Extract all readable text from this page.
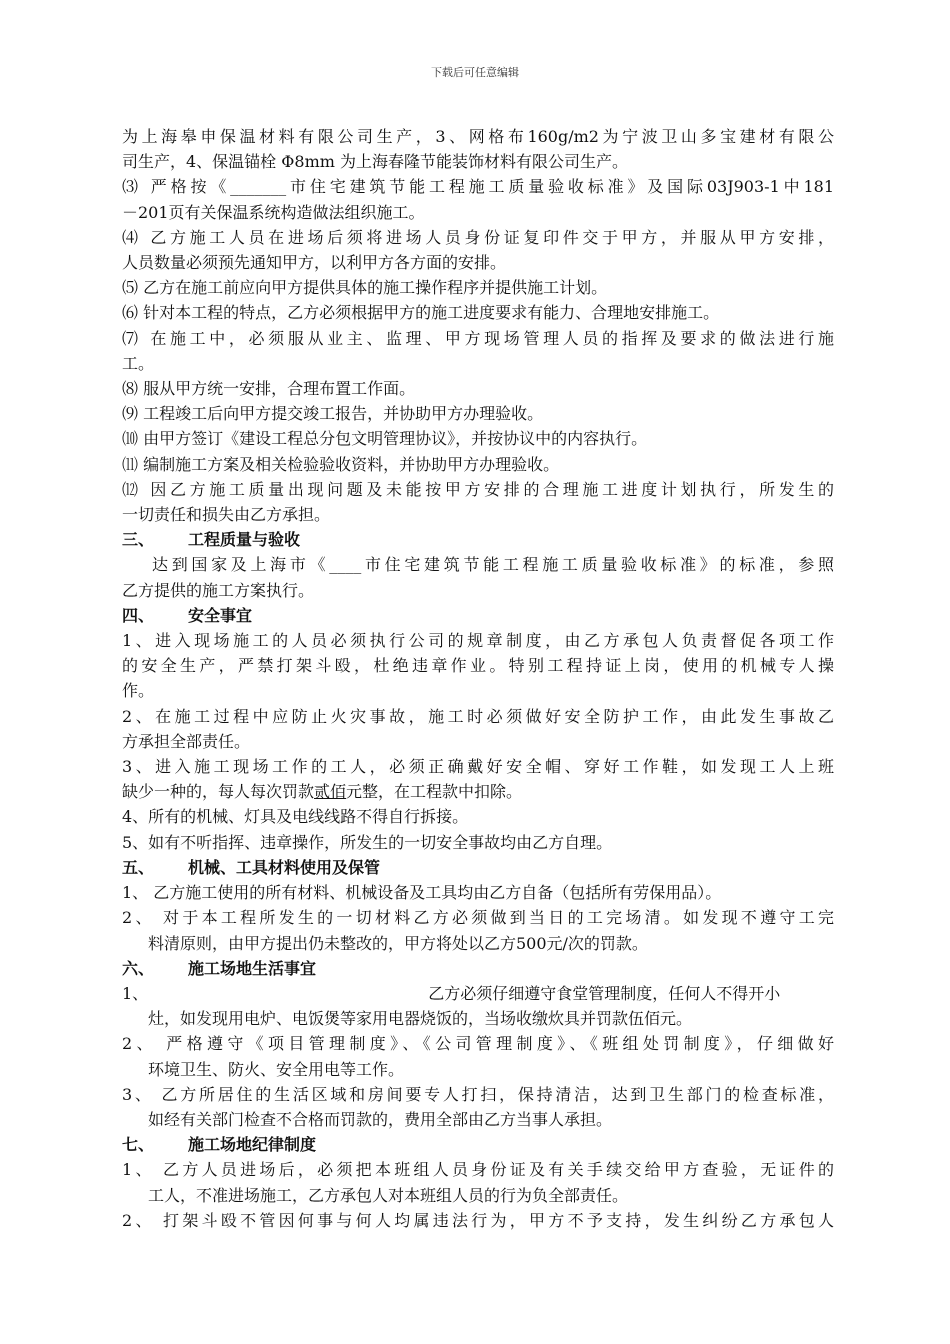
下载后可任意编辑
为上海皋申保温材料有限公司生产，3、网格布160g/m2为宁波卫山多宝建材有限公
司生产，4、保温锚栓 Φ8mm 为上海春隆节能装饰材料有限公司生产。
⑶ 严格按《_______市住宅建筑节能工程施工质量验收标准》及国际03J903-1中181
－201页有关保温系统构造做法组织施工。
⑷ 乙方施工人员在进场后须将进场人员身份证复印件交于甲方，并服从甲方安排，
人员数量必须预先通知甲方，以利甲方各方面的安排。
⑸ 乙方在施工前应向甲方提供具体的施工操作程序并提供施工计划。
⑹ 针对本工程的特点，乙方必须根据甲方的施工进度要求有能力、合理地安排施工。
⑺ 在施工中，必须服从业主、监理、甲方现场管理人员的指挥及要求的做法进行施
工。
⑻ 服从甲方统一安排，合理布置工作面。
⑼ 工程竣工后向甲方提交竣工报告，并协助甲方办理验收。
⑽ 由甲方签订《建设工程总分包文明管理协议》，并按协议中的内容执行。
⑾ 编制施工方案及相关检验验收资料，并协助甲方办理验收。
⑿ 因乙方施工质量出现问题及未能按甲方安排的合理施工进度计划执行，所发生的
一切责任和损失由乙方承担。
三、 工程质量与验收
达到国家及上海市《____市住宅建筑节能工程施工质量验收标准》的标准，参照
乙方提供的施工方案执行。
四、 安全事宜
1、进入现场施工的人员必须执行公司的规章制度，由乙方承包人负责督促各项工作
的安全生产，严禁打架斗殴，杜绝违章作业。特别工程持证上岗，使用的机械专人操
作。
2、在施工过程中应防止火灾事故，施工时必须做好安全防护工作，由此发生事故乙
方承担全部责任。
3、进入施工现场工作的工人，必须正确戴好安全帽、穿好工作鞋，如发现工人上班
缺少一种的，每人每次罚款贰佰元整，在工程款中扣除。
4、所有的机械、灯具及电线线路不得自行拆接。
5、如有不听指挥、违章操作，所发生的一切安全事故均由乙方自理。
五、 机械、工具材料使用及保管
1、 乙方施工使用的所有材料、机械设备及工具均由乙方自备（包括所有劳保用品）。
2、 对于本工程所发生的一切材料乙方必须做到当日的工完场清。如发现不遵守工完
料清原则，由甲方提出仍未整改的，甲方将处以乙方500元/次的罚款。
六、 施工场地生活事宜
1、	乙方必须仔细遵守食堂管理制度，任何人不得开小
灶，如发现用电炉、电饭煲等家用电器烧饭的，当场收缴炊具并罚款伍佰元。
2、 严格遵守《项目管理制度》、《公司管理制度》、《班组处罚制度》，仔细做好
环境卫生、防火、安全用电等工作。
3、 乙方所居住的生活区域和房间要专人打扫，保持清洁，达到卫生部门的检查标准，
如经有关部门检查不合格而罚款的，费用全部由乙方当事人承担。
七、 施工场地纪律制度
1、 乙方人员进场后，必须把本班组人员身份证及有关手续交给甲方查验，无证件的
工人，不准进场施工，乙方承包人对本班组人员的行为负全部责任。
2、 打架斗殴不管因何事与何人均属违法行为，甲方不予支持，发生纠纷乙方承包人
